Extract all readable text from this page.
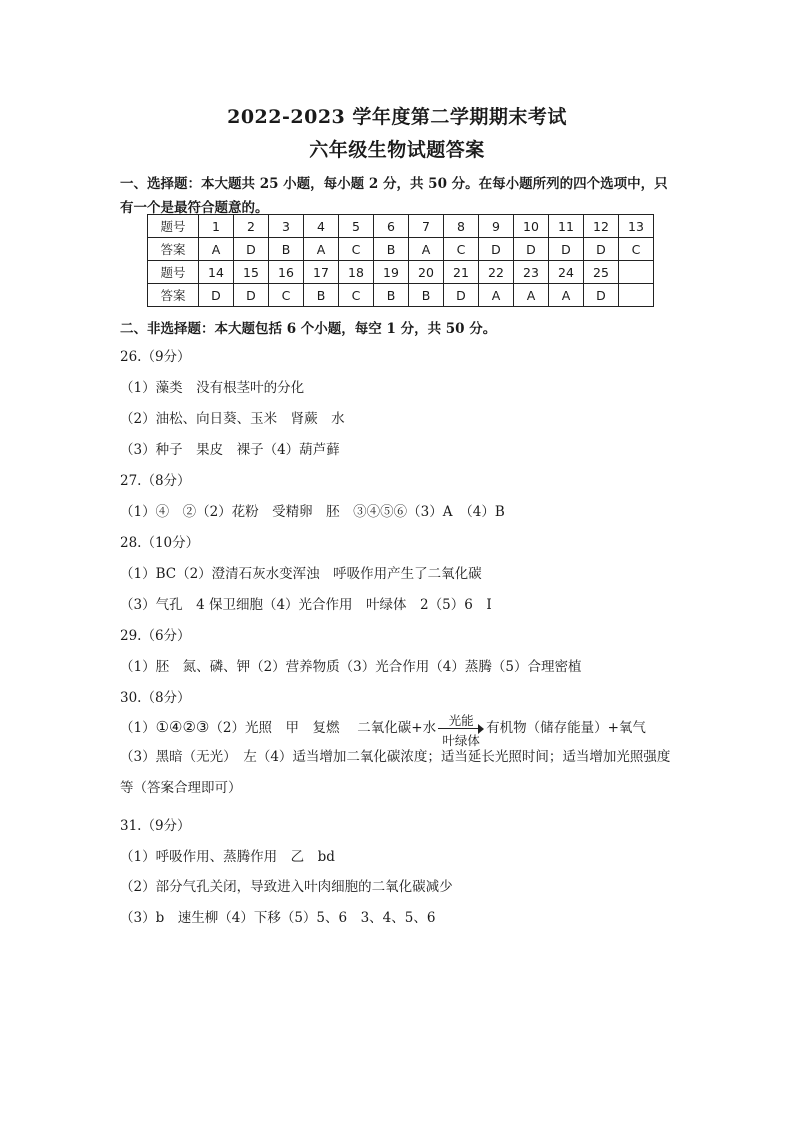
2022-2023 学年度第二学期期末考试
六年级生物试题答案
一、选择题：本大题共 25 小题，每小题 2 分，共 50 分。在每小题所列的四个选项中，只有一个是最符合题意的。
题号	1	2	3	4	5	6	7	8	9	10	11	12	13
答案	A	D	B	A	C	B	A	C	D	D	D	D	C
题号	14	15	16	17	18	19	20	21	22	23	24	25	
答案	D	D	C	B	C	B	B	D	A	A	A	D	
二、非选择题：本大题包括 6 个小题，每空 1 分，共 50 分。
26.（9分）
（1）藻类　没有根茎叶的分化
（2）油松、向日葵、玉米　肾蕨　水
（3）种子　果皮　裸子（4）葫芦藓
27.（8分）
（1）④　②（2）花粉　受精卵　胚　③④⑤⑥（3）A　（4）B
28.（10分）
（1）BC（2）澄清石灰水变浑浊　呼吸作用产生了二氧化碳
（3）气孔　4 保卫细胞（4）光合作用　叶绿体　2（5）6　Ⅰ
29.（6分）
（1）胚　氮、磷、钾（2）营养物质（3）光合作用（4）蒸腾（5）合理密植
30.（8分）
（1）①④②③（2）光照　甲　复燃　 二氧化碳+水 光能
叶绿体
有机物（储存能量）+氧气
（3）黑暗（无光）　左（4）适当增加二氧化碳浓度；适当延长光照时间；适当增加光照强度等（答案合理即可）
31.（9分）
（1）呼吸作用、蒸腾作用　乙　bd
（2）部分气孔关闭，导致进入叶肉细胞的二氧化碳减少
（3）b　速生柳（4）下移（5）5、6　3、4、5、6
